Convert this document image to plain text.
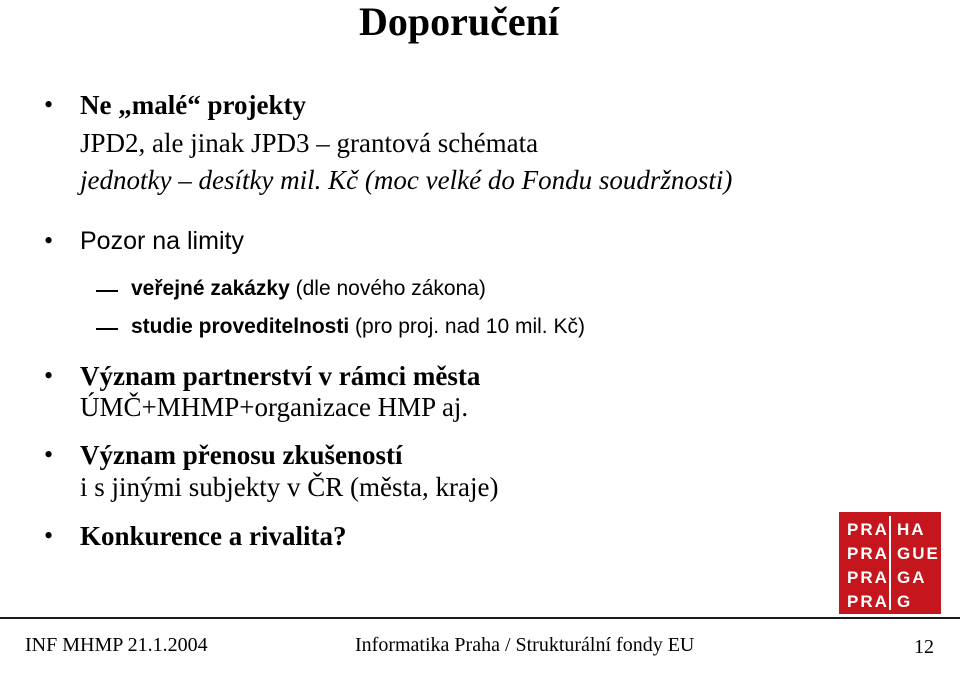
Doporučení
• Ne „malé“ projekty
JPD2, ale jinak JPD3 – grantová schémata
jednotky – desítky mil. Kč (moc velké do Fondu soudržnosti)
• Pozor na limity
veřejné zakázky (dle nového zákona)
studie proveditelnosti (pro proj. nad 10 mil. Kč)
• Význam partnerství v rámci města
ÚMČ+MHMP+organizace HMP aj.
• Význam přenosu zkušeností
i s jinými subjekty v ČR (města, kraje)
• Konkurence a rivalita?	PRA
PRA
PRA
PRA
HA
GUE
GA
G
INF MHMP 21.1.2004	Informatika Praha / Strukturální fondy EU	12
